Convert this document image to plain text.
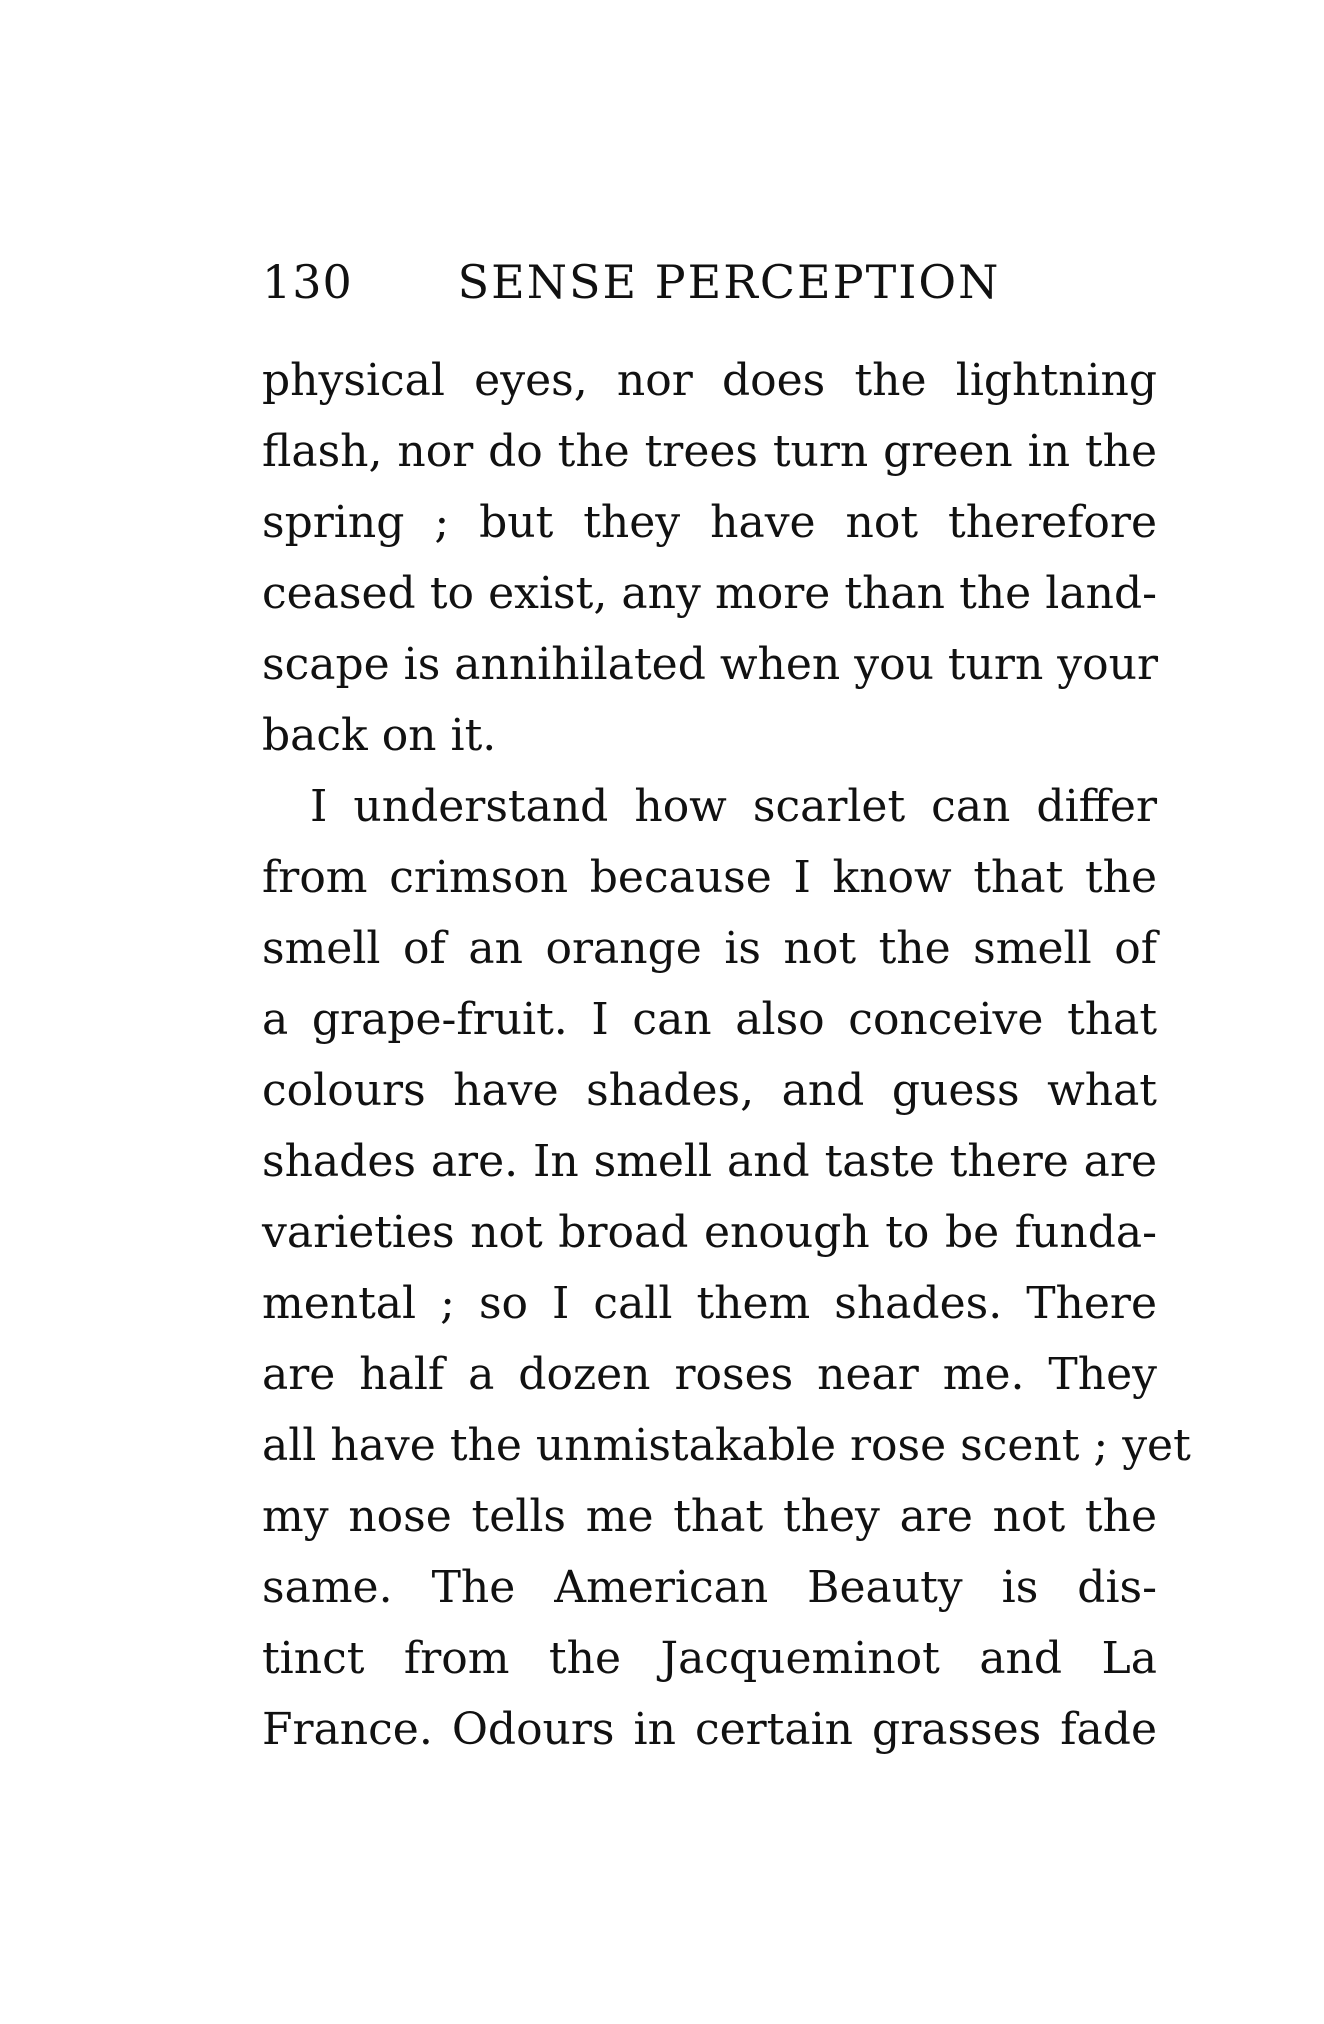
130 SENSE PERCEPTION
physical eyes, nor does the lightning
flash, nor do the trees turn green in the
spring ; but they have not therefore
ceased to exist, any more than the land-
scape is annihilated when you turn your
back on it.
I understand how scarlet can differ
from crimson because I know that the
smell of an orange is not the smell of
a grape-fruit. I can also conceive that
colours have shades, and guess what
shades are. In smell and taste there are
varieties not broad enough to be funda-
mental ; so I call them shades. There
are half a dozen roses near me. They
all have the unmistakable rose scent ; yet
my nose tells me that they are not the
same. The American Beauty is dis-
tinct from the Jacqueminot and La
France. Odours in certain grasses fade
